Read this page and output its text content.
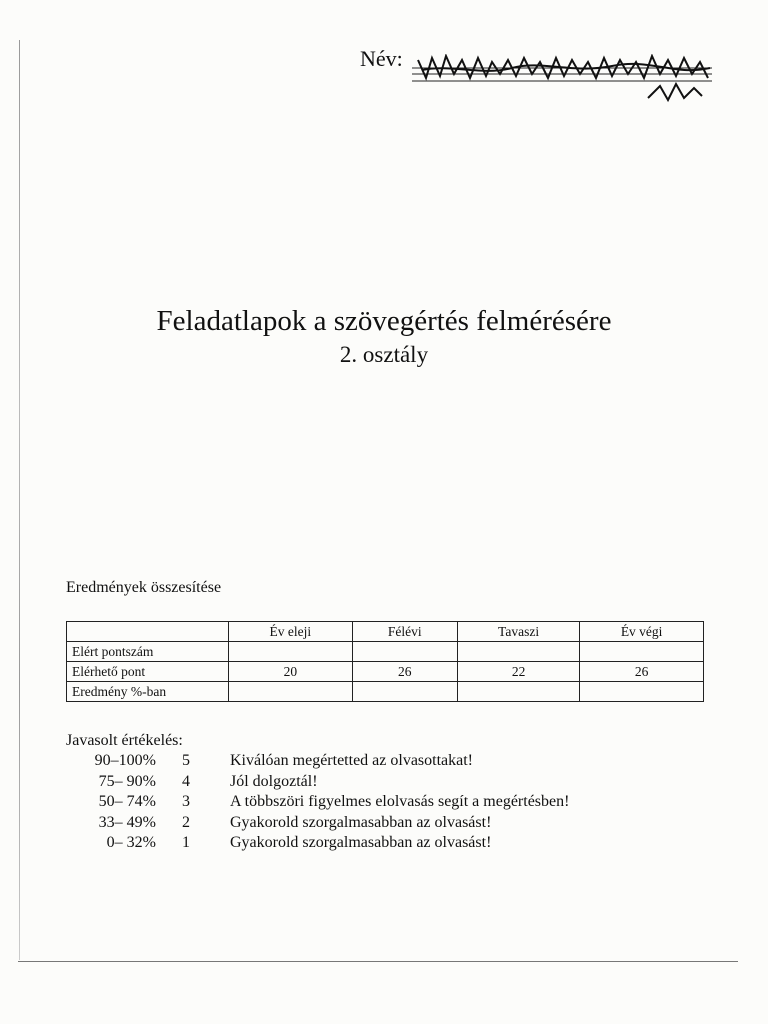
Név:
Feladatlapok a szövegértés felmérésére
2. osztály
Eredmények összesítése
	Év eleji	Félévi	Tavaszi	Év végi
Elért pontszám				
Elérhető pont	20	26	22	26
Eredmény %-ban				
Javasolt értékelés:
90–100% 5	Kiválóan megértetted az olvasottakat!
75– 90% 4	Jól dolgoztál!
50– 74% 3	A többszöri figyelmes elolvasás segít a megértésben!
33– 49% 2	Gyakorold szorgalmasabban az olvasást!
0– 32% 1	Gyakorold szorgalmasabban az olvasást!
